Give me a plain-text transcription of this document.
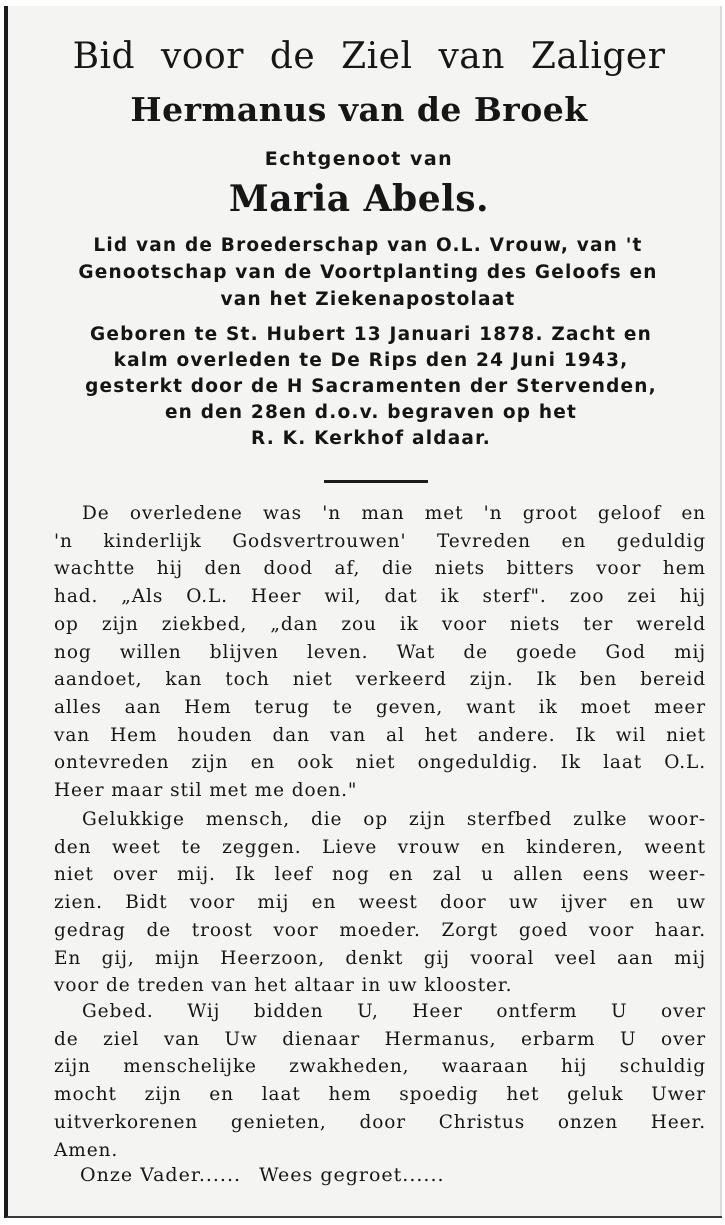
Bid voor de Ziel van Zaliger
Hermanus van de Broek
Echtgenoot van
Maria Abels.
Lid van de Broederschap van O.L. Vrouw, van 't
Genootschap van de Voortplanting des Geloofs en
van het Ziekenapostolaat
Geboren te St. Hubert 13 Januari 1878. Zacht en
kalm overleden te De Rips den 24 Juni 1943,
gesterkt door de H Sacramenten der Stervenden,
en den 28en d.o.v. begraven op het
R. K. Kerkhof aldaar.
De overledene was 'n man met 'n groot geloof en
'n kinderlijk Godsvertrouwen' Tevreden en geduldig
wachtte hij den dood af, die niets bitters voor hem
had. „Als O.L. Heer wil, dat ik sterf". zoo zei hij
op zijn ziekbed, „dan zou ik voor niets ter wereld
nog willen blijven leven. Wat de goede God mij
aandoet, kan toch niet verkeerd zijn. Ik ben bereid
alles aan Hem terug te geven, want ik moet meer
van Hem houden dan van al het andere. Ik wil niet
ontevreden zijn en ook niet ongeduldig. Ik laat O.L.
Heer maar stil met me doen."
Gelukkige mensch, die op zijn sterfbed zulke woor-
den weet te zeggen. Lieve vrouw en kinderen, weent
niet over mij. Ik leef nog en zal u allen eens weer-
zien. Bidt voor mij en weest door uw ijver en uw
gedrag de troost voor moeder. Zorgt goed voor haar.
En gij, mijn Heerzoon, denkt gij vooral veel aan mij
voor de treden van het altaar in uw klooster.
Gebed. Wij bidden U, Heer ontferm U over
de ziel van Uw dienaar Hermanus, erbarm U over
zijn menschelijke zwakheden, waaraan hij schuldig
mocht zijn en laat hem spoedig het geluk Uwer
uitverkorenen genieten, door Christus onzen Heer.
Amen.
Onze Vader...... Wees gegroet......
